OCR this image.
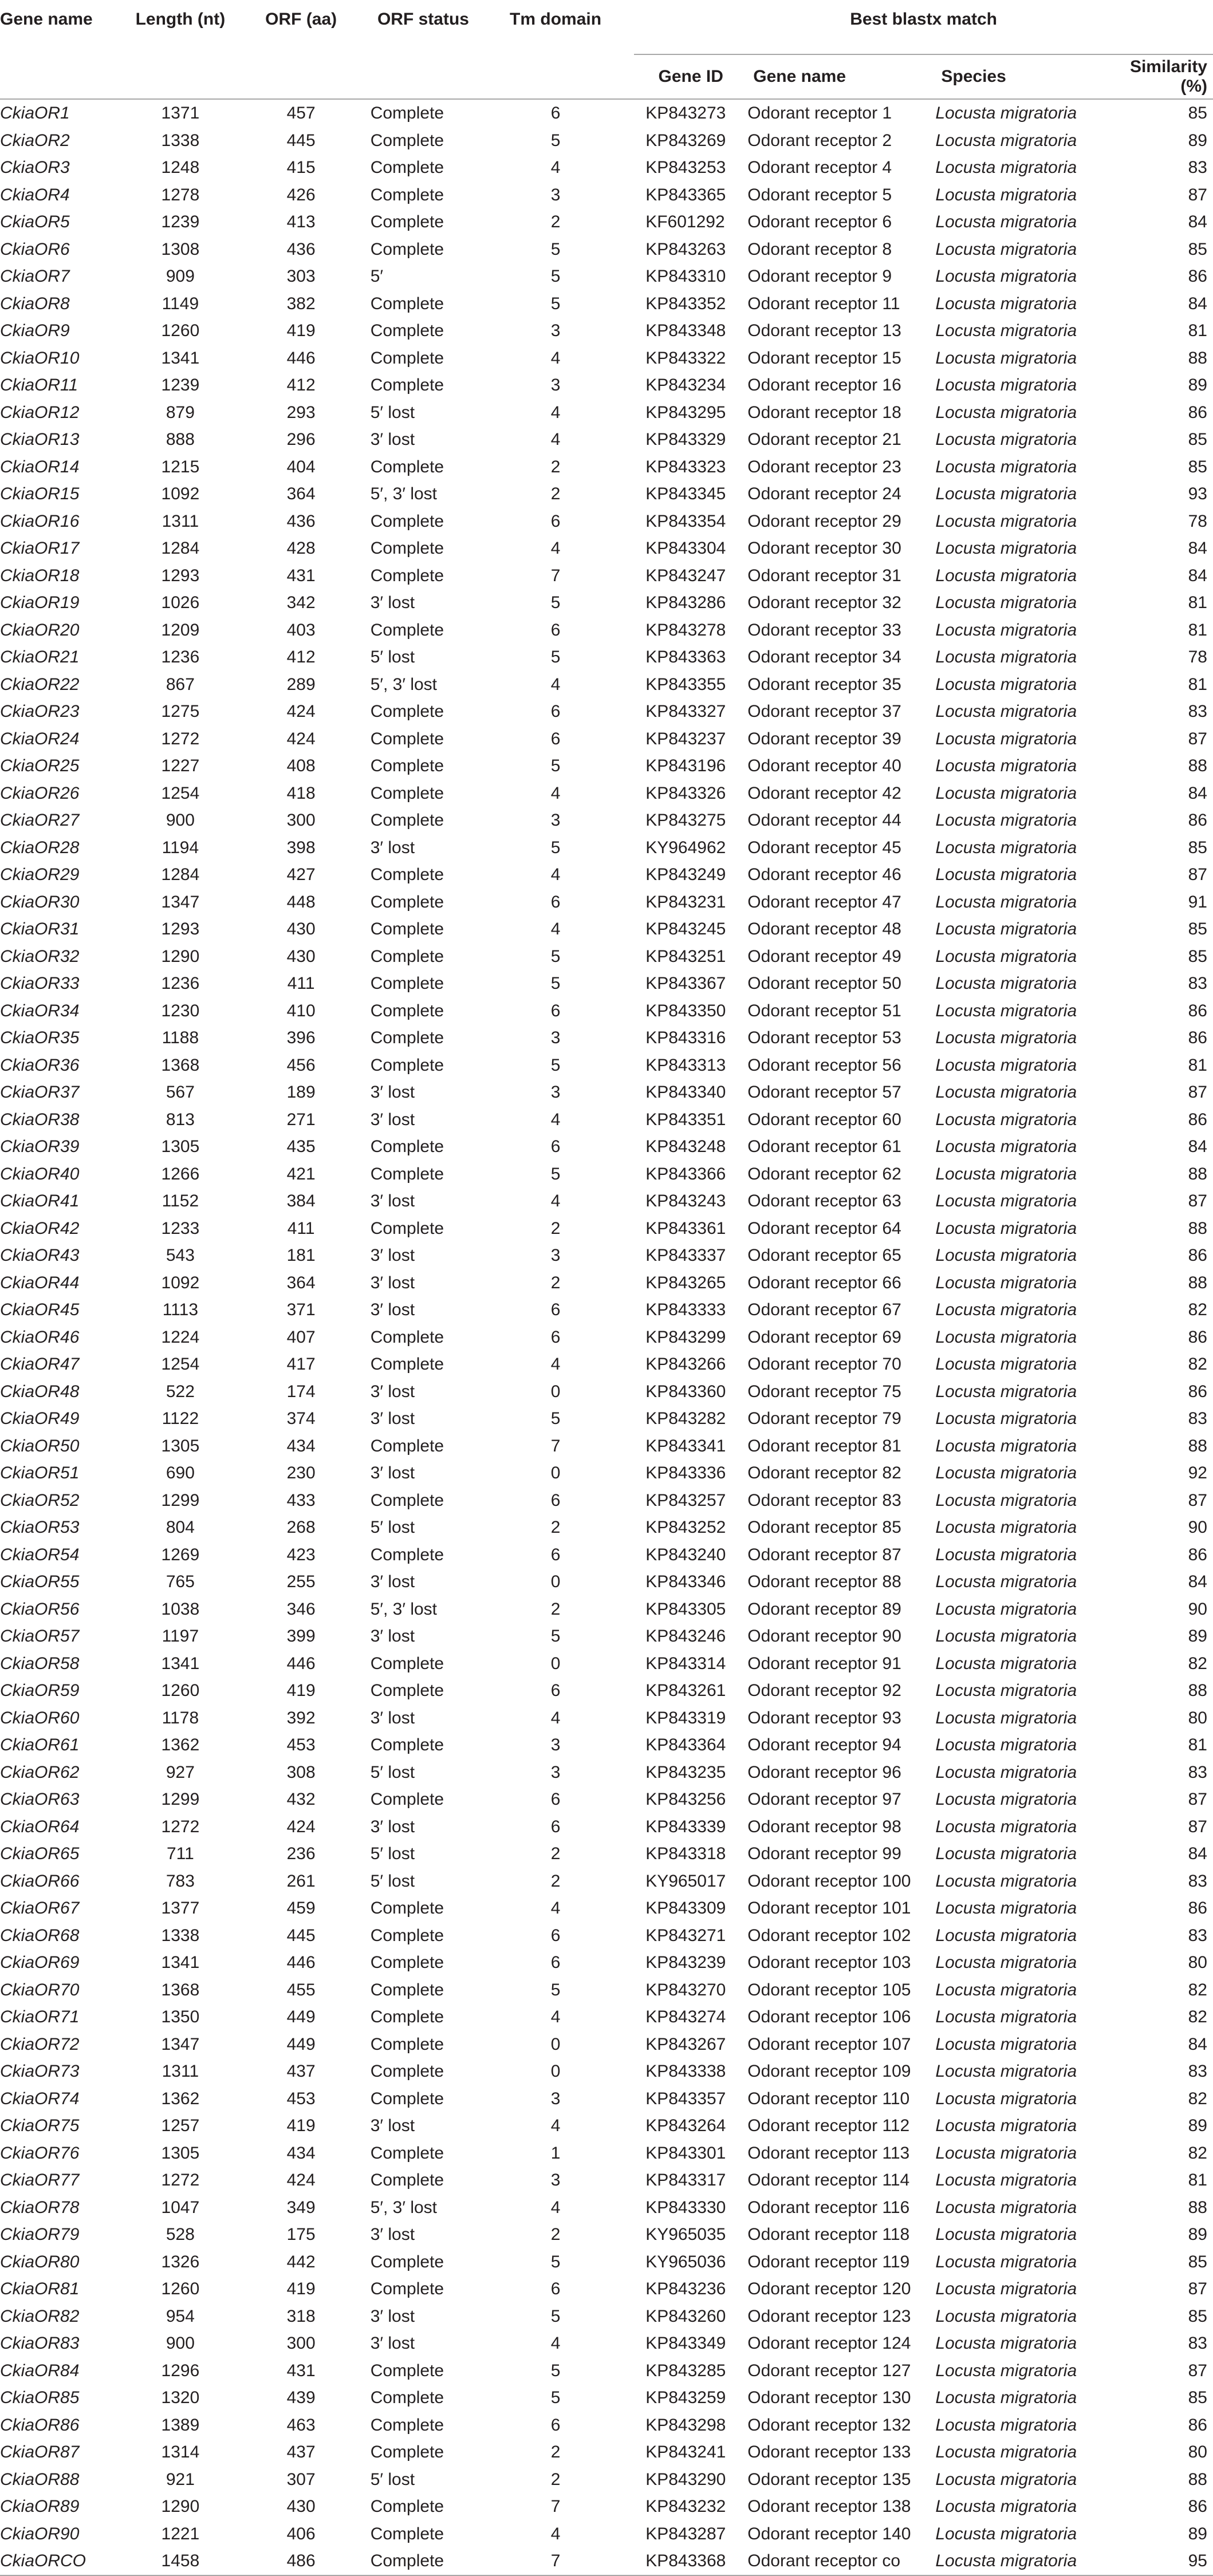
Gene name	Length (nt)	ORF (aa)	ORF status	Tm domain		Best blastx match			
						Gene ID	Gene name	Species	Similarity (%)
CkiaOR1	1371	457	Complete	6		KP843273	Odorant receptor 1	Locusta migratoria	85
CkiaOR2	1338	445	Complete	5		KP843269	Odorant receptor 2	Locusta migratoria	89
CkiaOR3	1248	415	Complete	4		KP843253	Odorant receptor 4	Locusta migratoria	83
CkiaOR4	1278	426	Complete	3		KP843365	Odorant receptor 5	Locusta migratoria	87
CkiaOR5	1239	413	Complete	2		KF601292	Odorant receptor 6	Locusta migratoria	84
CkiaOR6	1308	436	Complete	5		KP843263	Odorant receptor 8	Locusta migratoria	85
CkiaOR7	909	303	5′	5		KP843310	Odorant receptor 9	Locusta migratoria	86
CkiaOR8	1149	382	Complete	5		KP843352	Odorant receptor 11	Locusta migratoria	84
CkiaOR9	1260	419	Complete	3		KP843348	Odorant receptor 13	Locusta migratoria	81
CkiaOR10	1341	446	Complete	4		KP843322	Odorant receptor 15	Locusta migratoria	88
CkiaOR11	1239	412	Complete	3		KP843234	Odorant receptor 16	Locusta migratoria	89
CkiaOR12	879	293	5′ lost	4		KP843295	Odorant receptor 18	Locusta migratoria	86
CkiaOR13	888	296	3′ lost	4		KP843329	Odorant receptor 21	Locusta migratoria	85
CkiaOR14	1215	404	Complete	2		KP843323	Odorant receptor 23	Locusta migratoria	85
CkiaOR15	1092	364	5′, 3′ lost	2		KP843345	Odorant receptor 24	Locusta migratoria	93
CkiaOR16	1311	436	Complete	6		KP843354	Odorant receptor 29	Locusta migratoria	78
CkiaOR17	1284	428	Complete	4		KP843304	Odorant receptor 30	Locusta migratoria	84
CkiaOR18	1293	431	Complete	7		KP843247	Odorant receptor 31	Locusta migratoria	84
CkiaOR19	1026	342	3′ lost	5		KP843286	Odorant receptor 32	Locusta migratoria	81
CkiaOR20	1209	403	Complete	6		KP843278	Odorant receptor 33	Locusta migratoria	81
CkiaOR21	1236	412	5′ lost	5		KP843363	Odorant receptor 34	Locusta migratoria	78
CkiaOR22	867	289	5′, 3′ lost	4		KP843355	Odorant receptor 35	Locusta migratoria	81
CkiaOR23	1275	424	Complete	6		KP843327	Odorant receptor 37	Locusta migratoria	83
CkiaOR24	1272	424	Complete	6		KP843237	Odorant receptor 39	Locusta migratoria	87
CkiaOR25	1227	408	Complete	5		KP843196	Odorant receptor 40	Locusta migratoria	88
CkiaOR26	1254	418	Complete	4		KP843326	Odorant receptor 42	Locusta migratoria	84
CkiaOR27	900	300	Complete	3		KP843275	Odorant receptor 44	Locusta migratoria	86
CkiaOR28	1194	398	3′ lost	5		KY964962	Odorant receptor 45	Locusta migratoria	85
CkiaOR29	1284	427	Complete	4		KP843249	Odorant receptor 46	Locusta migratoria	87
CkiaOR30	1347	448	Complete	6		KP843231	Odorant receptor 47	Locusta migratoria	91
CkiaOR31	1293	430	Complete	4		KP843245	Odorant receptor 48	Locusta migratoria	85
CkiaOR32	1290	430	Complete	5		KP843251	Odorant receptor 49	Locusta migratoria	85
CkiaOR33	1236	411	Complete	5		KP843367	Odorant receptor 50	Locusta migratoria	83
CkiaOR34	1230	410	Complete	6		KP843350	Odorant receptor 51	Locusta migratoria	86
CkiaOR35	1188	396	Complete	3		KP843316	Odorant receptor 53	Locusta migratoria	86
CkiaOR36	1368	456	Complete	5		KP843313	Odorant receptor 56	Locusta migratoria	81
CkiaOR37	567	189	3′ lost	3		KP843340	Odorant receptor 57	Locusta migratoria	87
CkiaOR38	813	271	3′ lost	4		KP843351	Odorant receptor 60	Locusta migratoria	86
CkiaOR39	1305	435	Complete	6		KP843248	Odorant receptor 61	Locusta migratoria	84
CkiaOR40	1266	421	Complete	5		KP843366	Odorant receptor 62	Locusta migratoria	88
CkiaOR41	1152	384	3′ lost	4		KP843243	Odorant receptor 63	Locusta migratoria	87
CkiaOR42	1233	411	Complete	2		KP843361	Odorant receptor 64	Locusta migratoria	88
CkiaOR43	543	181	3′ lost	3		KP843337	Odorant receptor 65	Locusta migratoria	86
CkiaOR44	1092	364	3′ lost	2		KP843265	Odorant receptor 66	Locusta migratoria	88
CkiaOR45	1113	371	3′ lost	6		KP843333	Odorant receptor 67	Locusta migratoria	82
CkiaOR46	1224	407	Complete	6		KP843299	Odorant receptor 69	Locusta migratoria	86
CkiaOR47	1254	417	Complete	4		KP843266	Odorant receptor 70	Locusta migratoria	82
CkiaOR48	522	174	3′ lost	0		KP843360	Odorant receptor 75	Locusta migratoria	86
CkiaOR49	1122	374	3′ lost	5		KP843282	Odorant receptor 79	Locusta migratoria	83
CkiaOR50	1305	434	Complete	7		KP843341	Odorant receptor 81	Locusta migratoria	88
CkiaOR51	690	230	3′ lost	0		KP843336	Odorant receptor 82	Locusta migratoria	92
CkiaOR52	1299	433	Complete	6		KP843257	Odorant receptor 83	Locusta migratoria	87
CkiaOR53	804	268	5′ lost	2		KP843252	Odorant receptor 85	Locusta migratoria	90
CkiaOR54	1269	423	Complete	6		KP843240	Odorant receptor 87	Locusta migratoria	86
CkiaOR55	765	255	3′ lost	0		KP843346	Odorant receptor 88	Locusta migratoria	84
CkiaOR56	1038	346	5′, 3′ lost	2		KP843305	Odorant receptor 89	Locusta migratoria	90
CkiaOR57	1197	399	3′ lost	5		KP843246	Odorant receptor 90	Locusta migratoria	89
CkiaOR58	1341	446	Complete	0		KP843314	Odorant receptor 91	Locusta migratoria	82
CkiaOR59	1260	419	Complete	6		KP843261	Odorant receptor 92	Locusta migratoria	88
CkiaOR60	1178	392	3′ lost	4		KP843319	Odorant receptor 93	Locusta migratoria	80
CkiaOR61	1362	453	Complete	3		KP843364	Odorant receptor 94	Locusta migratoria	81
CkiaOR62	927	308	5′ lost	3		KP843235	Odorant receptor 96	Locusta migratoria	83
CkiaOR63	1299	432	Complete	6		KP843256	Odorant receptor 97	Locusta migratoria	87
CkiaOR64	1272	424	3′ lost	6		KP843339	Odorant receptor 98	Locusta migratoria	87
CkiaOR65	711	236	5′ lost	2		KP843318	Odorant receptor 99	Locusta migratoria	84
CkiaOR66	783	261	5′ lost	2		KY965017	Odorant receptor 100	Locusta migratoria	83
CkiaOR67	1377	459	Complete	4		KP843309	Odorant receptor 101	Locusta migratoria	86
CkiaOR68	1338	445	Complete	6		KP843271	Odorant receptor 102	Locusta migratoria	83
CkiaOR69	1341	446	Complete	6		KP843239	Odorant receptor 103	Locusta migratoria	80
CkiaOR70	1368	455	Complete	5		KP843270	Odorant receptor 105	Locusta migratoria	82
CkiaOR71	1350	449	Complete	4		KP843274	Odorant receptor 106	Locusta migratoria	82
CkiaOR72	1347	449	Complete	0		KP843267	Odorant receptor 107	Locusta migratoria	84
CkiaOR73	1311	437	Complete	0		KP843338	Odorant receptor 109	Locusta migratoria	83
CkiaOR74	1362	453	Complete	3		KP843357	Odorant receptor 110	Locusta migratoria	82
CkiaOR75	1257	419	3′ lost	4		KP843264	Odorant receptor 112	Locusta migratoria	89
CkiaOR76	1305	434	Complete	1		KP843301	Odorant receptor 113	Locusta migratoria	82
CkiaOR77	1272	424	Complete	3		KP843317	Odorant receptor 114	Locusta migratoria	81
CkiaOR78	1047	349	5′, 3′ lost	4		KP843330	Odorant receptor 116	Locusta migratoria	88
CkiaOR79	528	175	3′ lost	2		KY965035	Odorant receptor 118	Locusta migratoria	89
CkiaOR80	1326	442	Complete	5		KY965036	Odorant receptor 119	Locusta migratoria	85
CkiaOR81	1260	419	Complete	6		KP843236	Odorant receptor 120	Locusta migratoria	87
CkiaOR82	954	318	3′ lost	5		KP843260	Odorant receptor 123	Locusta migratoria	85
CkiaOR83	900	300	3′ lost	4		KP843349	Odorant receptor 124	Locusta migratoria	83
CkiaOR84	1296	431	Complete	5		KP843285	Odorant receptor 127	Locusta migratoria	87
CkiaOR85	1320	439	Complete	5		KP843259	Odorant receptor 130	Locusta migratoria	85
CkiaOR86	1389	463	Complete	6		KP843298	Odorant receptor 132	Locusta migratoria	86
CkiaOR87	1314	437	Complete	2		KP843241	Odorant receptor 133	Locusta migratoria	80
CkiaOR88	921	307	5′ lost	2		KP843290	Odorant receptor 135	Locusta migratoria	88
CkiaOR89	1290	430	Complete	7		KP843232	Odorant receptor 138	Locusta migratoria	86
CkiaOR90	1221	406	Complete	4		KP843287	Odorant receptor 140	Locusta migratoria	89
CkiaORCO	1458	486	Complete	7		KP843368	Odorant receptor co	Locusta migratoria	95
